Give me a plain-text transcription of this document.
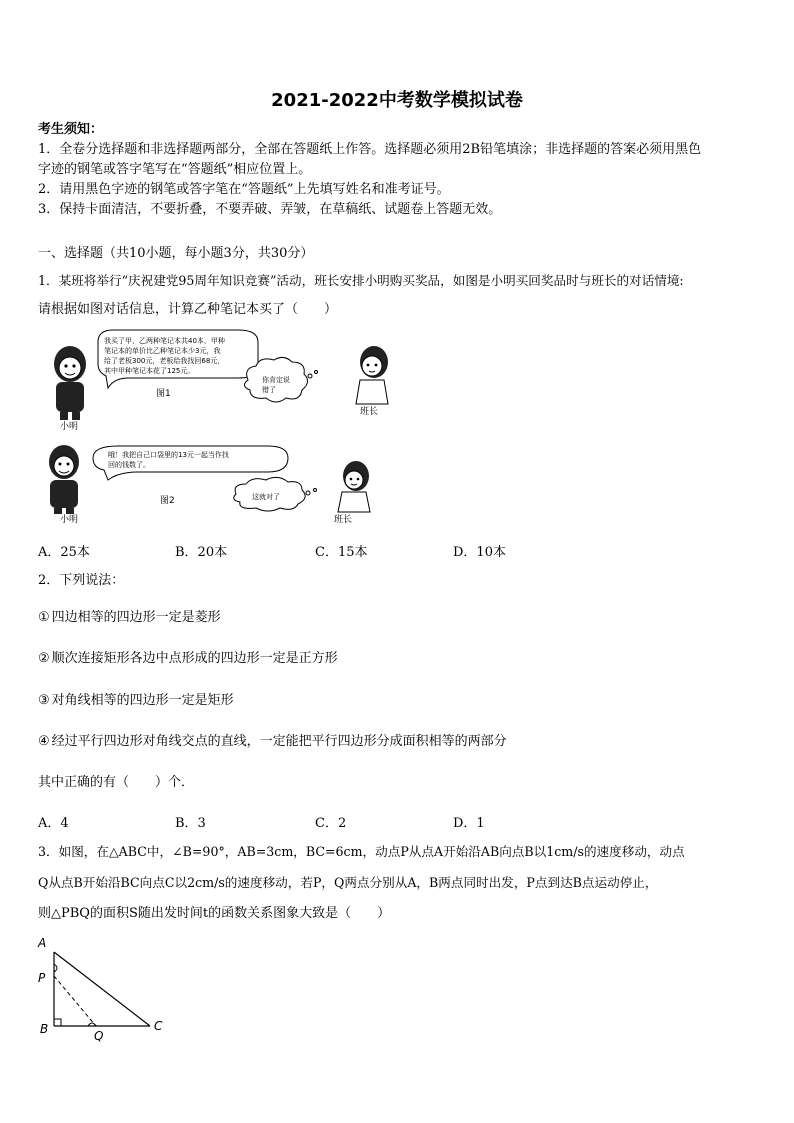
2021-2022中考数学模拟试卷
考生须知：
1．全卷分选择题和非选择题两部分，全部在答题纸上作答。选择题必须用2B铅笔填涂；非选择题的答案必须用黑色
字迹的钢笔或答字笔写在“答题纸”相应位置上。
2．请用黑色字迹的钢笔或答字笔在“答题纸”上先填写姓名和准考证号。
3．保持卡面清洁，不要折叠，不要弄破、弄皱，在草稿纸、试题卷上答题无效。
一、选择题（共10小题，每小题3分，共30分）
1．某班将举行“庆祝建党95周年知识竞赛”活动，班长安排小明购买奖品，如图是小明买回奖品时与班长的对话情境:
请根据如图对话信息，计算乙种笔记本买了（　　）
我买了甲、乙两种笔记本共40本，甲种
笔记本的单价比乙种笔记本少3元，我
给了老板300元，老板给我找回68元，
其中甲种笔记本花了125元。
图1
小明
你肯定说
错了
班长
哦！我把自己口袋里的13元一起当作找
回的钱数了。
图2
小明
这就对了
班长
A．25本	B．20本	C．15本	D．10本
2．下列说法：
① 四边相等的四边形一定是菱形
② 顺次连接矩形各边中点形成的四边形一定是正方形
③ 对角线相等的四边形一定是矩形
④ 经过平行四边形对角线交点的直线，一定能把平行四边形分成面积相等的两部分
其中正确的有（　　）个．
A．4	B．3	C．2	D．1
3．如图，在△ABC中，∠B=90°，AB=3cm，BC=6cm，动点P从点A开始沿AB向点B以1cm/s的速度移动，动点
Q从点B开始沿BC向点C以2cm/s的速度移动，若P，Q两点分别从A，B两点同时出发，P点到达B点运动停止，
则△PBQ的面积S随出发时间t的函数关系图象大致是（　　）
A
P
B	Q
C
